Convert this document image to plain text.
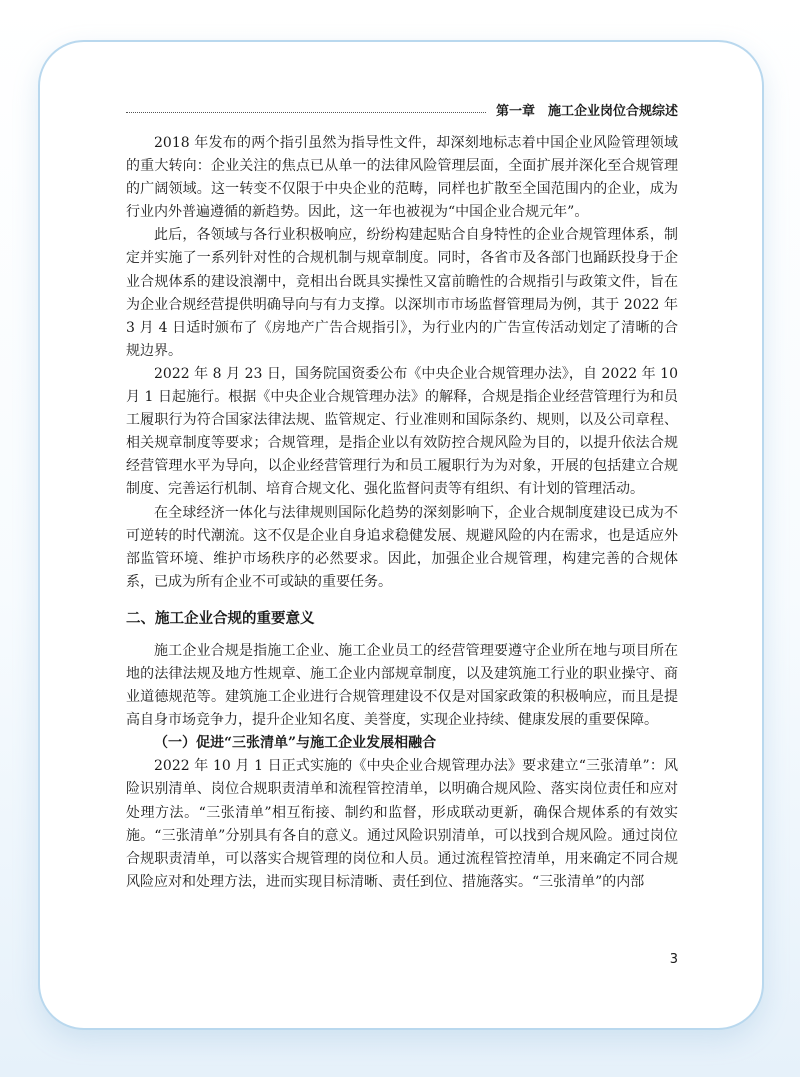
第一章　施工企业岗位合规综述

2018 年发布的两个指引虽然为指导性文件，却深刻地标志着中国企业风险管理领域的重大转向：企业关注的焦点已从单一的法律风险管理层面，全面扩展并深化至合规管理的广阔领域。这一转变不仅限于中央企业的范畴，同样也扩散至全国范围内的企业，成为行业内外普遍遵循的新趋势。因此，这一年也被视为“中国企业合规元年”。

此后，各领域与各行业积极响应，纷纷构建起贴合自身特性的企业合规管理体系，制定并实施了一系列针对性的合规机制与规章制度。同时，各省市及各部门也踊跃投身于企业合规体系的建设浪潮中，竞相出台既具实操性又富前瞻性的合规指引与政策文件，旨在为企业合规经营提供明确导向与有力支撑。以深圳市市场监督管理局为例，其于 2022 年 3 月 4 日适时颁布了《房地产广告合规指引》，为行业内的广告宣传活动划定了清晰的合规边界。

2022 年 8 月 23 日，国务院国资委公布《中央企业合规管理办法》，自 2022 年 10 月 1 日起施行。根据《中央企业合规管理办法》的解释，合规是指企业经营管理行为和员工履职行为符合国家法律法规、监管规定、行业准则和国际条约、规则，以及公司章程、相关规章制度等要求；合规管理，是指企业以有效防控合规风险为目的，以提升依法合规经营管理水平为导向，以企业经营管理行为和员工履职行为为对象，开展的包括建立合规制度、完善运行机制、培育合规文化、强化监督问责等有组织、有计划的管理活动。

在全球经济一体化与法律规则国际化趋势的深刻影响下，企业合规制度建设已成为不可逆转的时代潮流。这不仅是企业自身追求稳健发展、规避风险的内在需求，也是适应外部监管环境、维护市场秩序的必然要求。因此，加强企业合规管理，构建完善的合规体系，已成为所有企业不可或缺的重要任务。

二、施工企业合规的重要意义

施工企业合规是指施工企业、施工企业员工的经营管理要遵守企业所在地与项目所在地的法律法规及地方性规章、施工企业内部规章制度，以及建筑施工行业的职业操守、商业道德规范等。建筑施工企业进行合规管理建设不仅是对国家政策的积极响应，而且是提高自身市场竞争力，提升企业知名度、美誉度，实现企业持续、健康发展的重要保障。

（一）促进“三张清单”与施工企业发展相融合

2022 年 10 月 1 日正式实施的《中央企业合规管理办法》要求建立“三张清单”：风险识别清单、岗位合规职责清单和流程管控清单，以明确合规风险、落实岗位责任和应对处理方法。“三张清单”相互衔接、制约和监督，形成联动更新，确保合规体系的有效实施。“三张清单”分别具有各自的意义。通过风险识别清单，可以找到合规风险。通过岗位合规职责清单，可以落实合规管理的岗位和人员。通过流程管控清单，用来确定不同合规风险应对和处理方法，进而实现目标清晰、责任到位、措施落实。“三张清单”的内部

3
